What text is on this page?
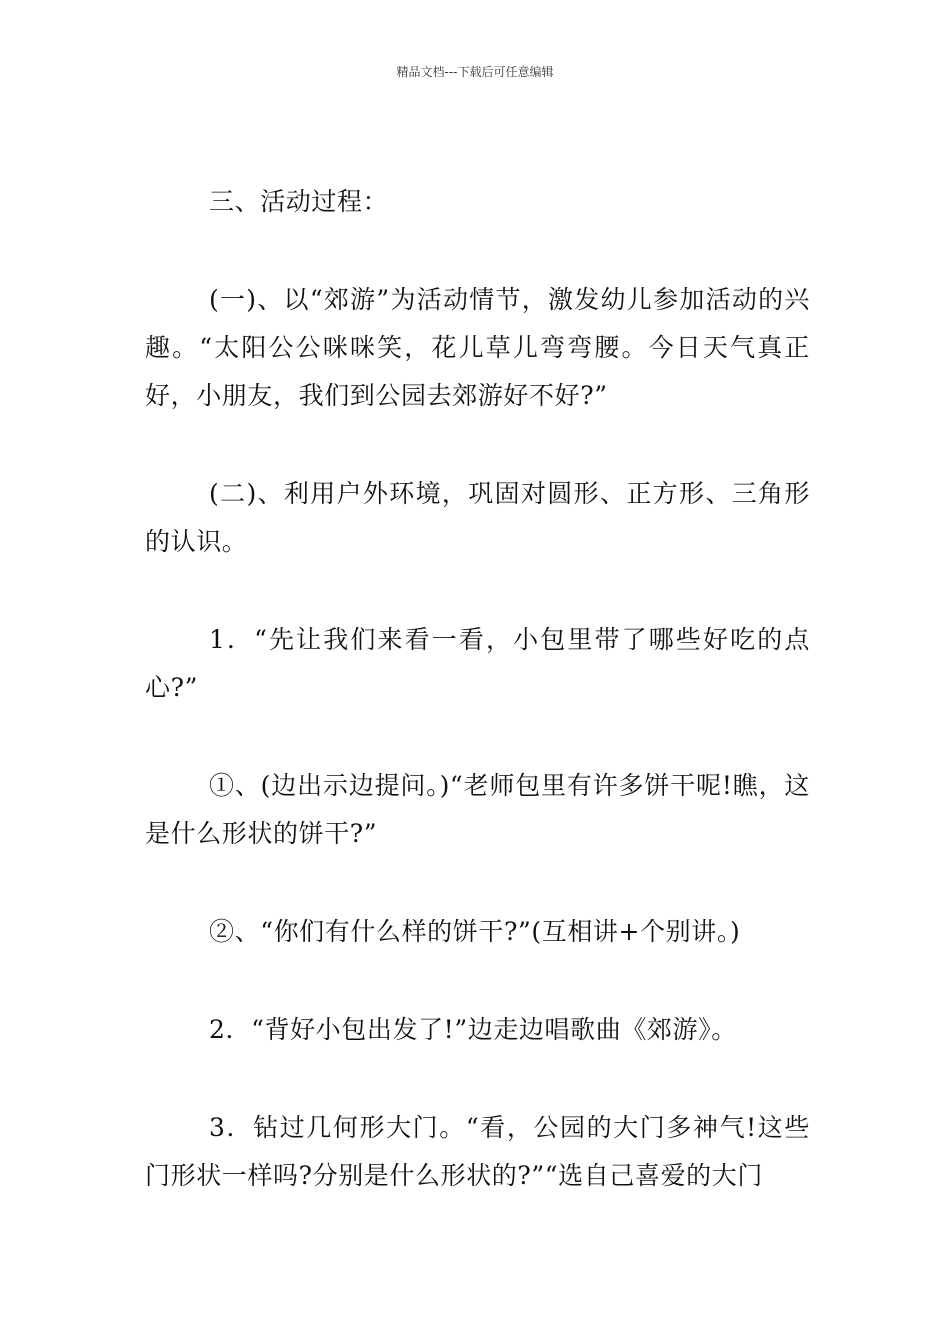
精品文档---下载后可任意编辑

三、活动过程：

(一)、以“郊游”为活动情节，激发幼儿参加活动的兴趣。“太阳公公咪咪笑，花儿草儿弯弯腰。今日天气真正好，小朋友，我们到公园去郊游好不好?”

(二)、利用户外环境，巩固对圆形、正方形、三角形的认识。

1．“先让我们来看一看，小包里带了哪些好吃的点心?”

①、(边出示边提问。)“老师包里有许多饼干呢!瞧，这是什么形状的饼干?”

②、“你们有什么样的饼干?”(互相讲+个别讲。)

2．“背好小包出发了!”边走边唱歌曲《郊游》。

3．钻过几何形大门。“看，公园的大门多神气!这些门形状一样吗?分别是什么形状的?”“选自己喜爱的大门
